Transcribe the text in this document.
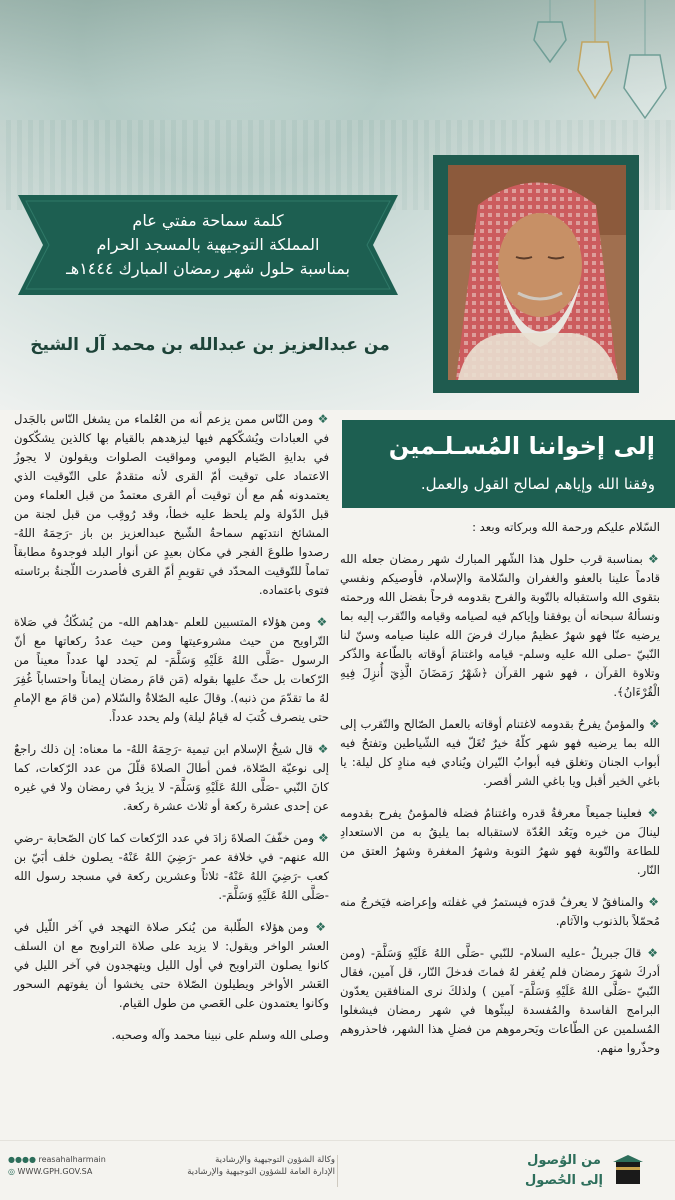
كلمة سماحة مفتي عام
المملكة التوجيهية بالمسجد الحرام
بمناسبة حلول شهر رمضان المبارك ١٤٤٤هـ
من عبدالعزيز بن عبدالله بن محمد آل الشيخ
إلى إخواننا المُسـلـمين
وفقنا الله وإياهم لصالح القول والعمل.

السّلام عليكم ورحمة الله وبركاته وبعد :

❖ بمناسبة قرب حلول هذا الشّهر المبارك شهر رمضان جعله الله قادماً علينا بالعفو والغفران والسّلامة والإسلام، فأوصيكم ونفسي بتقوى الله واستقباله بالتّوبة والفرح بقدومه فرحاً بفضل الله ورحمته ونسألهُ سبحانه أن يوفقنا وإياكم فيه لصيامه وقيامه والتّقرب إليه بما يرضيه عنّا فهو شهرٌ عظيمٌ مبارك فرضَ الله علينا صيامه وسنّ لنا النّبيّ -صلى الله عليه وسلم- قيامه واغتنامَ أوقاته بالطّاعة والذّكر وتلاوة القرآن ، فهو شهر القرآن ﴿شَهْرُ رَمَضَانَ الَّذِيٓ أُنزِلَ فِيهِ الْقُرْءَانُ﴾.

❖ والمؤمنُ يفرحُ بقدومه لاغتنام أوقاته بالعمل الصّالح والتّقرب إلى الله بما يرضيه فهو شهر كلّهُ خيرٌ تُغَلّ فيه الشّياطين وتفتحُ فيه أبواب الجنان وتغلق فيه أبوابُ النّيران ويُنادي فيه منادٍ كل ليلة: يا باغي الخير أقبل ويا باغي الشر أقصر.

❖ فعلينا جميعاً معرفةُ قدره واغتنامُ فضله فالمؤمنُ يفرح بقدومه لينالَ من خيره ويَعُد العُدّة لاستقباله بما يليقُ به من الاستعدادِ للطاعة والتّوبة فهو شهرُ التوبة وشهرُ المغفرة وشهرُ العتق من النّار.

❖ والمنافقُ لا يعرفُ قدرَه فيستمرُ في غفلته وإعراضه فيَخرجُ منه مُحمّلاً بالذنوب والآثام.

❖ قالَ جبريلُ -عليه السلام- للنّبي -صَلَّى اللهُ عَلَيْهِ وَسَلَّمَ- (ومن أدركَ شهرَ رمضان فلم يُغفر لهُ فماتَ فدخلَ النّار، قل آمين، فقال النّبيّ -صَلَّى اللهُ عَلَيْهِ وَسَلَّمَ- آمين ) ولذلكَ نرى المنافقين يعدّون البرامج الفاسدة والمُفسدة ليبثّوها في شهر رمضان فيشغلوا المُسلمين عن الطّاعات ويَحرموهم من فضلِ هذا الشهر، فاحذروهم وحذّروا منهم.

❖ ومن النّاس ممن يزعم أنه من العُلماء من يشغل النّاس بالجَدل في العبادات ويُشكّكهم فيها ليزهدهم بالقيام بها كالذين يشكّكون في بدايةِ الصّيام اليومي ومواقيت الصلوات ويقولون لا يجوزُ الاعتماد على توقيت أمّ القرى لأنه متقدمٌ على التّوقيت الذي يعتمدونه هُم مع أن توقيت أم القرى معتمدٌ من قبل العلماء ومن قبل الدّولة ولم يلحظ عليه خطأ، وقد رُوقِب من قبل لجنة من المشائخ انتدبَهم سماحةُ الشّيخ عبدالعزيز بن باز -رَحِمَهُ اللهُ- رصدوا طلوعَ الفجر في مكان بعيدٍ عن أنوار البلد فوجدوهُ مطابقاً تماماً للتّوقيت المحدّد في تقويمِ أمّ القرى فأصدرت اللّجنةُ برئاسته فتوى باعتماده.

❖ ومن هؤلاء المتسبين للعلم -هداهم الله- من يُشكّكُ في صَلاة التّراويح من حيث مشروعيتها ومن حيث عددُ ركعاتها مع أنّ الرسول -صَلَّى اللهُ عَلَيْهِ وَسَلَّمَ- لم يَحدد لها عدداً معيناً من الرّكعات بل حثّ عليها بقوله (مَن قامَ رمضان إيماناً واحتساباً غُفِرَ لهُ ما تقدّمَ من ذنبه). وقالَ عليه الصّلاةُ والسّلام (من قامَ مع الإمامِ حتى ينصرف كُتبَ له قيامُ ليلة) ولم يحدد عدداً.

❖ قال شيخُ الإسلام ابن تيمية -رَحِمَهُ اللهُ- ما معناه: إن ذلك راجعٌ إلى نوعيّة الصّلاة، فمن أطالَ الصلاةَ قلّلَ من عدد الرّكعات، كما كانَ النّبي -صَلَّى اللهُ عَلَيْهِ وَسَلَّمَ- لا يزيدُ في رمضان ولا في غيره عن إحدى عشرة ركعة أو ثلاث عشرة ركعة.

❖ ومن خفّفَ الصلاةَ زادَ في عدد الرّكعات كما كان الصّحابة -رضي الله عنهم- في خلافة عمر -رَضِيَ اللهُ عَنْهُ- يصلون خلف أبَيّ بن كعب -رَضِيَ اللهُ عَنْهُ- ثلاثاً وعشرين ركعة في مسجد رسول الله -صَلَّى اللهُ عَلَيْهِ وَسَلَّمَ-.

❖ ومن هؤلاء الطّلبة من يُنكر صلاة التهجد في آخر اللّيل في العشر الواخر ويقول: لا يزيد على صلاة التراويح مع ان السلف كانوا يصلون التراويح في أول الليل ويتهجدون في آخر الليل في العَشر الأواخر ويطيلون الصّلاة حتى يخشوا أن يفوتهم السحور وكانوا يعتمدون على العَصي من طول القيام.

وصلى الله وسلم على نبينا محمد وآله وصحبه.

من الوُصول
إلى الحُصول
وكالة الشؤون التوجيهية والإرشادية
الإدارة العامة للشؤون التوجيهية والإرشادية
●●●● reasahalharmain
◎ WWW.GPH.GOV.SA
